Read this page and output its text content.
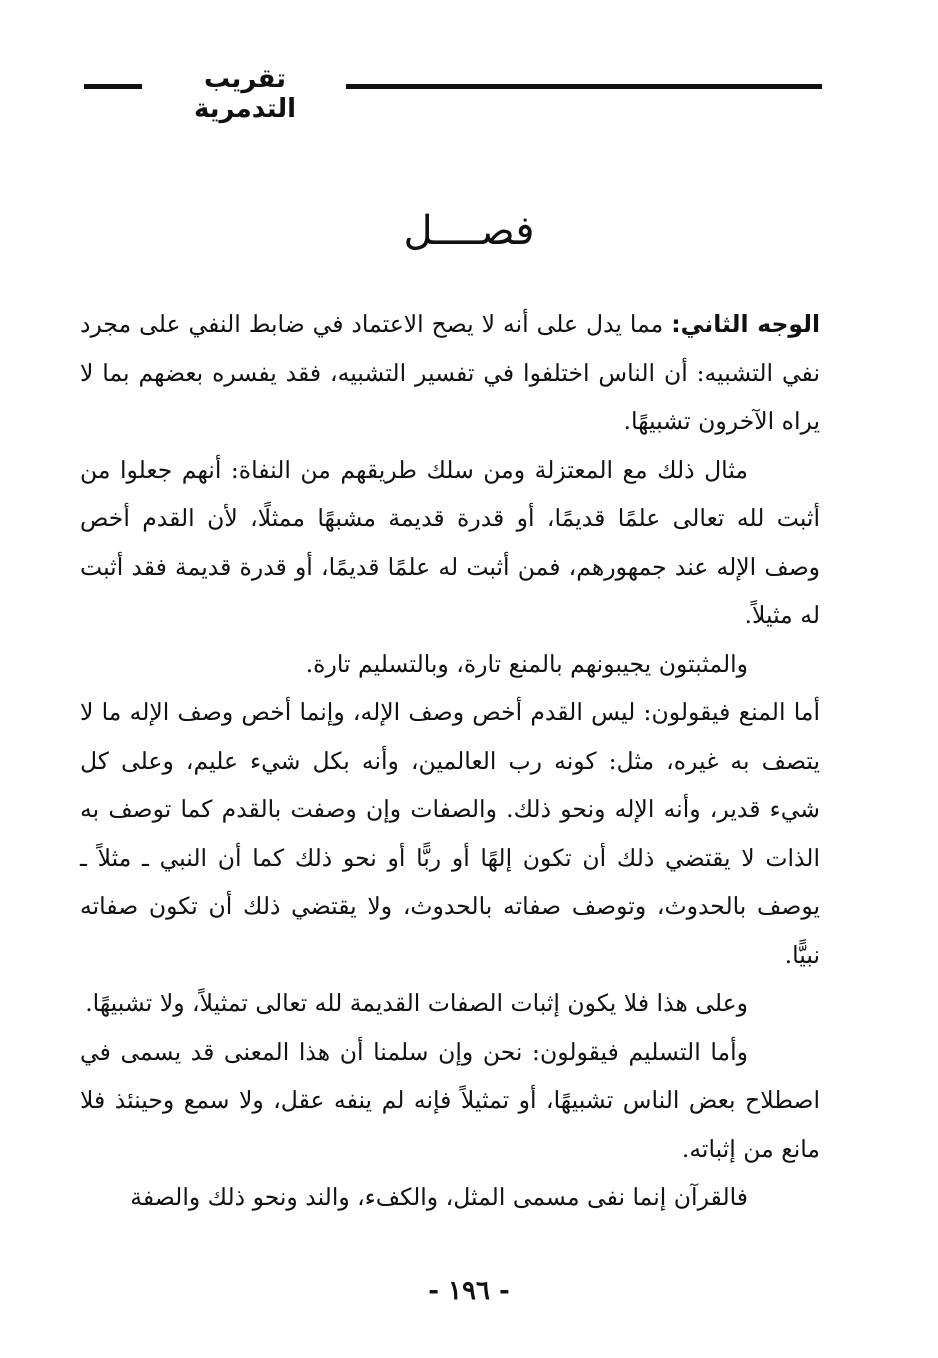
تقريب التدمرية
فصــــل

الوجه الثاني: مما يدل على أنه لا يصح الاعتماد في ضابط النفي على مجرد نفي التشبيه: أن الناس اختلفوا في تفسير التشبيه، فقد يفسره بعضهم بما لا يراه الآخرون تشبيهًا.

مثال ذلك مع المعتزلة ومن سلك طريقهم من النفاة: أنهم جعلوا من أثبت لله تعالى علمًا قديمًا، أو قدرة قديمة مشبهًا ممثلًا، لأن القدم أخص وصف الإله عند جمهورهم، فمن أثبت له علمًا قديمًا، أو قدرة قديمة فقد أثبت له مثيلاً.

والمثبتون يجيبونهم بالمنع تارة، وبالتسليم تارة.

أما المنع فيقولون: ليس القدم أخص وصف الإله، وإنما أخص وصف الإله ما لا يتصف به غيره، مثل: كونه رب العالمين، وأنه بكل شيء عليم، وعلى كل شيء قدير، وأنه الإله ونحو ذلك. والصفات وإن وصفت بالقدم كما توصف به الذات لا يقتضي ذلك أن تكون إلهًا أو ربًّا أو نحو ذلك كما أن النبي ـ مثلاً ـ يوصف بالحدوث، وتوصف صفاته بالحدوث، ولا يقتضي ذلك أن تكون صفاته نبيًّا.

وعلى هذا فلا يكون إثبات الصفات القديمة لله تعالى تمثيلاً، ولا تشبيهًا.

وأما التسليم فيقولون: نحن وإن سلمنا أن هذا المعنى قد يسمى في اصطلاح بعض الناس تشبيهًا، أو تمثيلاً فإنه لم ينفه عقل، ولا سمع وحينئذ فلا مانع من إثباته.

فالقرآن إنما نفى مسمى المثل، والكفء، والند ونحو ذلك والصفة

- ١٩٦ -
